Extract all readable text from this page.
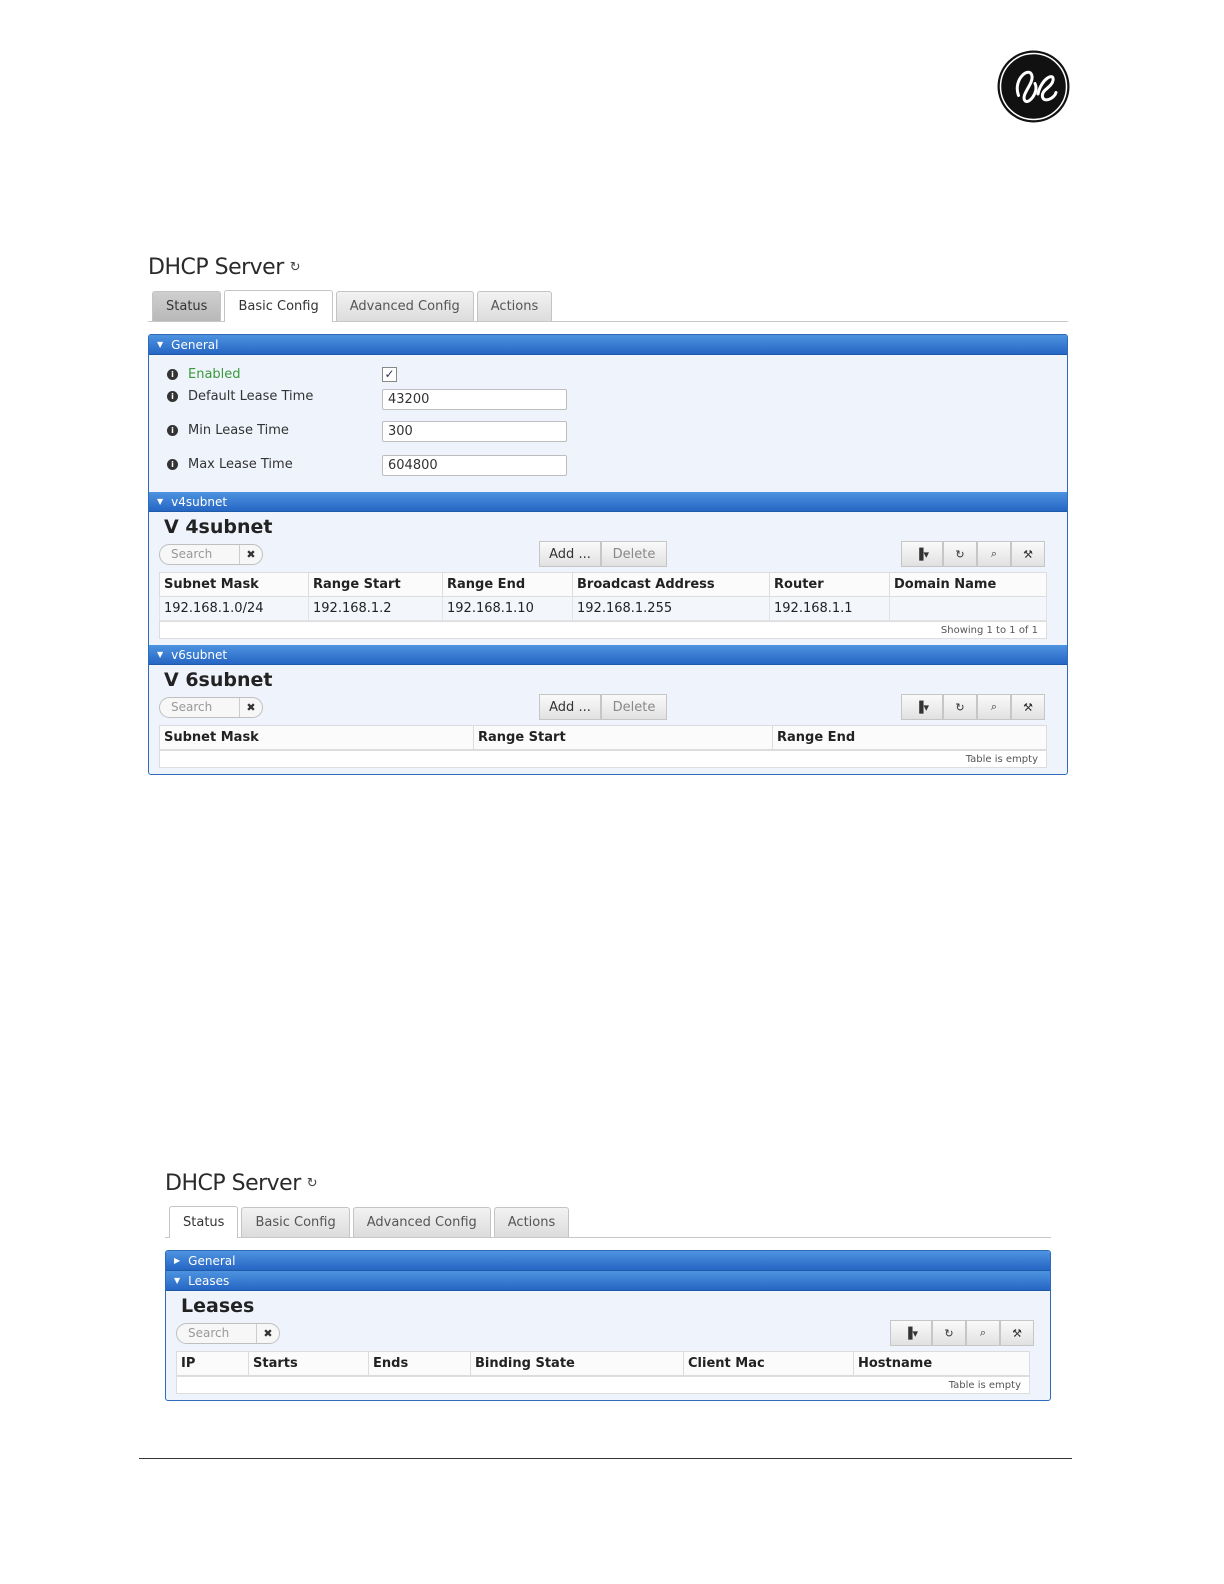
DHCP Server ↻
Status	Basic Config	Advanced Config	Actions
▼ General
i	Enabled	✓
i	Default Lease Time	43200
i	Min Lease Time	300
i	Max Lease Time	604800
▼ v4subnet
V 4subnet
Search	✖	Add ...	Delete	▐▾	↻	⌕	⚒
Subnet Mask	Range Start	Range End	Broadcast Address	Router	Domain Name
192.168.1.0/24	192.168.1.2	192.168.1.10	192.168.1.255	192.168.1.1	
Showing 1 to 1 of 1
▼ v6subnet
V 6subnet
Search	✖	Add ...	Delete	▐▾	↻	⌕	⚒
Subnet Mask	Range Start	Range End
Table is empty
DHCP Server ↻
Status	Basic Config	Advanced Config	Actions
▶ General
▼ Leases
Leases
Search	✖	▐▾	↻	⌕	⚒
IP	Starts	Ends	Binding State	Client Mac	Hostname
Table is empty
